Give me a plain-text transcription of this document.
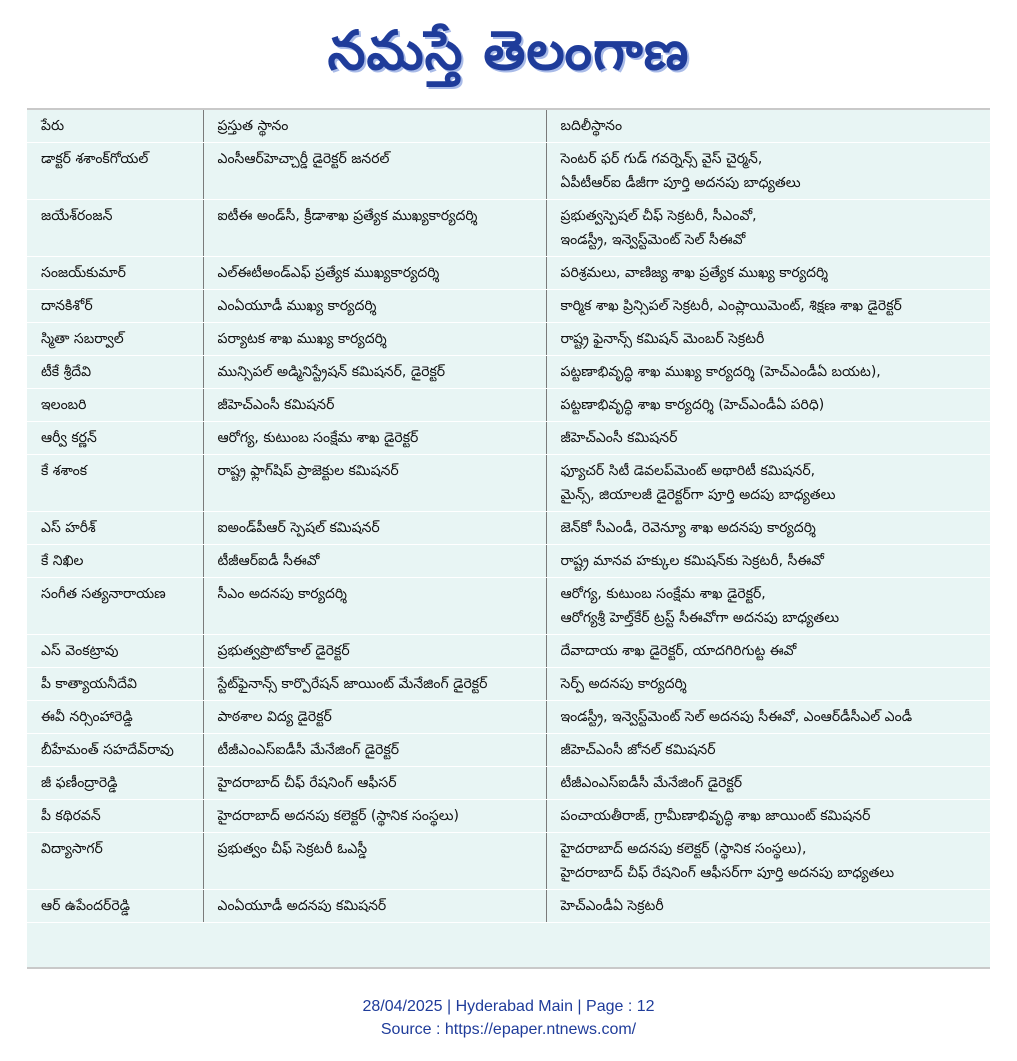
నమస్తే తెలంగాణ
పేరు	ప్రస్తుత స్థానం	బదిలీస్థానం
డాక్టర్ శశాంక్‌గోయల్	ఎంసీఆర్‌హెచ్చార్డీ డైరెక్టర్ జనరల్	సెంటర్ ఫర్ గుడ్ గవర్నెన్స్ వైస్ చైర్మన్,
ఏపీటీఆర్‌ఐ డీజీగా పూర్తి అదనపు బాధ్యతలు

జయేశ్‌రంజన్	ఐటీఈ అండ్‌సీ, క్రీడాశాఖ ప్రత్యేక ముఖ్యకార్యదర్శి	ప్రభుత్వస్పెషల్ చీఫ్ సెక్రటరీ, సీఎంవో,
ఇండస్ట్రీ, ఇన్వెస్ట్‌మెంట్ సెల్ సీఈవో

సంజయ్‌కుమార్	ఎల్‌ఈటీఅండ్‌ఎఫ్ ప్రత్యేక ముఖ్యకార్యదర్శి	పరిశ్రమలు, వాణిజ్య శాఖ ప్రత్యేక ముఖ్య కార్యదర్శి

దానకిశోర్	ఎంఏయూడీ ముఖ్య కార్యదర్శి	కార్మిక శాఖ ప్రిన్సిపల్ సెక్రటరీ, ఎంప్లాయిమెంట్, శిక్షణ శాఖ డైరెక్టర్

స్మితా సబర్వాల్	పర్యాటక శాఖ ముఖ్య కార్యదర్శి	రాష్ట్ర ఫైనాన్స్ కమిషన్ మెంబర్ సెక్రటరీ

టీకే శ్రీదేవి	మున్సిపల్ అడ్మినిస్ట్రేషన్ కమిషనర్, డైరెక్టర్	పట్టణాభివృద్ధి శాఖ ముఖ్య కార్యదర్శి (హెచ్‌ఎండీఏ బయట),

ఇలంబరి	జీహెచ్‌ఎంసీ కమిషనర్	పట్టణాభివృద్ధి శాఖ కార్యదర్శి (హెచ్‌ఎండీఏ పరిధి)

ఆర్వీ కర్ణన్	ఆరోగ్య, కుటుంబ సంక్షేమ శాఖ డైరెక్టర్	జీహెచ్‌ఎంసీ కమిషనర్

కే శశాంక	రాష్ట్ర ఫ్లాగ్‌షిప్ ప్రాజెక్టుల కమిషనర్	ఫ్యూచర్ సిటీ డెవలప్‌మెంట్ అథారిటీ కమిషనర్,
మైన్స్, జియాలజీ డైరెక్టర్‌గా పూర్తి అదపు బాధ్యతలు

ఎస్ హరీశ్	ఐఅండ్‌పీఆర్ స్పెషల్ కమిషనర్	జెన్‌కో సీఎండీ, రెవెన్యూ శాఖ అదనపు కార్యదర్శి

కే నిఖిల	టీజీఆర్‌ఐడీ సీఈవో	రాష్ట్ర మానవ హక్కుల కమిషన్‌కు సెక్రటరీ, సీఈవో

సంగీత సత్యనారాయణ	సీఎం అదనపు కార్యదర్శి	ఆరోగ్య, కుటుంబ సంక్షేమ శాఖ డైరెక్టర్,
ఆరోగ్యశ్రీ హెల్త్‌కేర్ ట్రస్ట్ సీఈవోగా అదనపు బాధ్యతలు

ఎస్ వెంకట్రావు	ప్రభుత్వప్రొటోకాల్ డైరెక్టర్	దేవాదాయ శాఖ డైరెక్టర్, యాదగిరిగుట్ట ఈవో

పీ కాత్యాయనీదేవి	స్టేట్‌ఫైనాన్స్ కార్పొరేషన్ జాయింట్ మేనేజింగ్ డైరెక్టర్	సెర్ప్ అదనపు కార్యదర్శి

ఈవీ నర్సింహారెడ్డి	పాఠశాల విద్య డైరెక్టర్	ఇండస్ట్రీ, ఇన్వెస్ట్‌మెంట్ సెల్ అదనపు సీఈవో, ఎంఆర్‌డీసీఎల్ ఎండీ

బీహేమంత్ సహదేవ్‌రావు	టీజీఎంఎస్‌ఐడీసీ మేనేజింగ్ డైరెక్టర్	జీహెచ్‌ఎంసీ జోనల్ కమిషనర్

జీ ఫణీంద్రారెడ్డి	హైదరాబాద్ చీఫ్ రేషనింగ్ ఆఫీసర్	టీజీఎంఎస్‌ఐడీసీ మేనేజింగ్ డైరెక్టర్

పీ కథిరవన్	హైదరాబాద్ అదనపు కలెక్టర్ (స్థానిక సంస్థలు)	పంచాయతీరాజ్, గ్రామీణాభివృద్ధి శాఖ జాయింట్ కమిషనర్

విద్యాసాగర్	ప్రభుత్వం చీఫ్ సెక్రటరీ ఓఎస్డీ	హైదరాబాద్ అదనపు కలెక్టర్ (స్థానిక సంస్థలు),
హైదరాబాద్ చీఫ్ రేషనింగ్ ఆఫీసర్‌గా పూర్తి అదనపు బాధ్యతలు

ఆర్ ఉపేందర్‌రెడ్డి	ఎంఏయూడీ అదనపు కమిషనర్	హెచ్‌ఎండీఏ సెక్రటరీ
28/04/2025 | Hyderabad Main | Page : 12
Source : https://epaper.ntnews.com/
